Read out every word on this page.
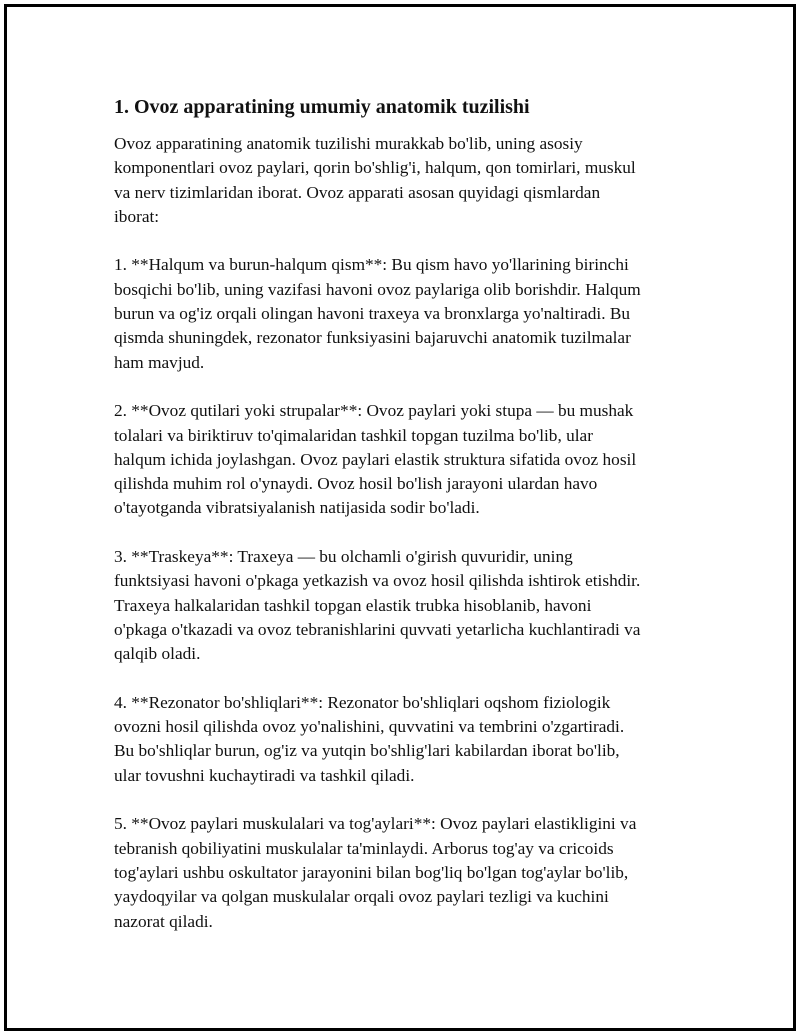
1. Ovoz apparatining umumiy anatomik tuzilishi

Ovoz apparatining anatomik tuzilishi murakkab bo'lib, uning asosiy
komponentlari ovoz paylari, qorin bo'shlig'i, halqum, qon tomirlari, muskul
va nerv tizimlaridan iborat. Ovoz apparati asosan quyidagi qismlardan
iborat:

1. **Halqum va burun-halqum qism**: Bu qism havo yo'llarining birinchi
bosqichi bo'lib, uning vazifasi havoni ovoz paylariga olib borishdir. Halqum
burun va og'iz orqali olingan havoni traxeya va bronxlarga yo'naltiradi. Bu
qismda shuningdek, rezonator funksiyasini bajaruvchi anatomik tuzilmalar
ham mavjud.

2. **Ovoz qutilari yoki strupalar**: Ovoz paylari yoki stupa — bu mushak
tolalari va biriktiruv to'qimalaridan tashkil topgan tuzilma bo'lib, ular
halqum ichida joylashgan. Ovoz paylari elastik struktura sifatida ovoz hosil
qilishda muhim rol o'ynaydi. Ovoz hosil bo'lish jarayoni ulardan havo
o'tayotganda vibratsiyalanish natijasida sodir bo'ladi.

3. **Traskeya**: Traxeya — bu olchamli o'girish quvuridir, uning
funktsiyasi havoni o'pkaga yetkazish va ovoz hosil qilishda ishtirok etishdir.
Traxeya halkalaridan tashkil topgan elastik trubka hisoblanib, havoni
o'pkaga o'tkazadi va ovoz tebranishlarini quvvati yetarlicha kuchlantiradi va
qalqib oladi.

4. **Rezonator bo'shliqlari**: Rezonator bo'shliqlari oqshom fiziologik
ovozni hosil qilishda ovoz yo'nalishini, quvvatini va tembrini o'zgartiradi.
Bu bo'shliqlar burun, og'iz va yutqin bo'shlig'lari kabilardan iborat bo'lib,
ular tovushni kuchaytiradi va tashkil qiladi.

5. **Ovoz paylari muskulalari va tog'aylari**: Ovoz paylari elastikligini va
tebranish qobiliyatini muskulalar ta'minlaydi. Arborus tog'ay va cricoids
tog'aylari ushbu oskultator jarayonini bilan bog'liq bo'lgan tog'aylar bo'lib,
yaydoqyilar va qolgan muskulalar orqali ovoz paylari tezligi va kuchini
nazorat qiladi.
